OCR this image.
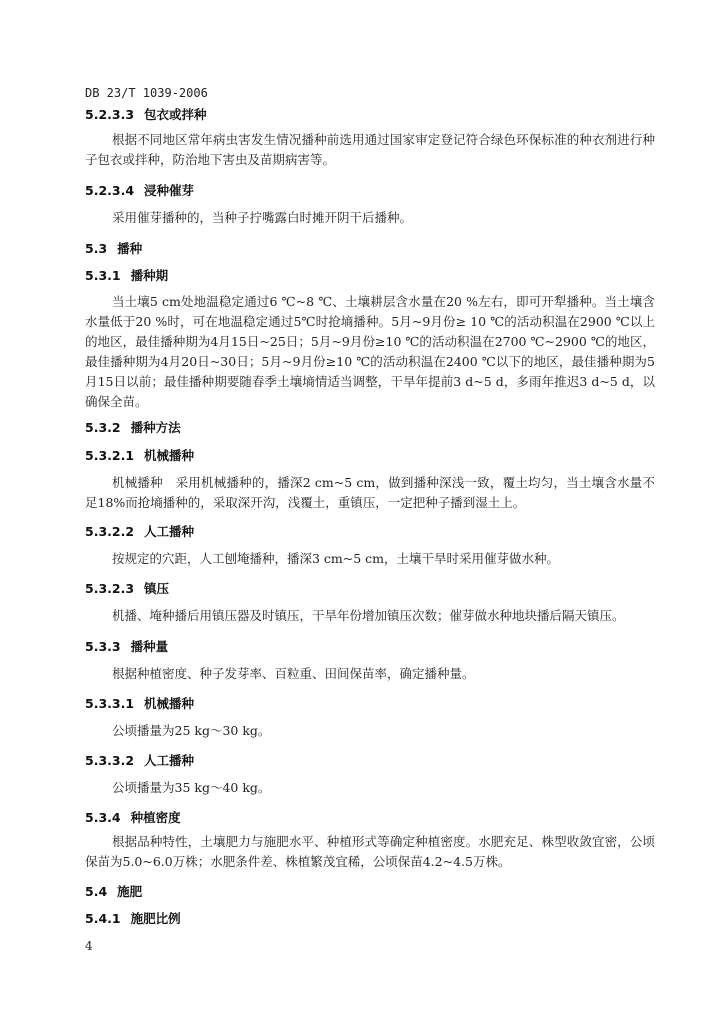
DB 23/T 1039-2006
5.2.3.3 包衣或拌种
根据不同地区常年病虫害发生情况播种前选用通过国家审定登记符合绿色环保标准的种衣剂进行种子包衣或拌种，防治地下害虫及苗期病害等。
5.2.3.4 浸种催芽
采用催芽播种的，当种子拧嘴露白时摊开阴干后播种。
5.3 播种
5.3.1 播种期
当土壤5 cm处地温稳定通过6 ℃~8 ℃、土壤耕层含水量在20 %左右，即可开犁播种。当土壤含水量低于20 %时，可在地温稳定通过5℃时抢墒播种。5月~9月份≥ 10 ℃的活动积温在2900 ℃以上的地区，最佳播种期为4月15日~25日；5月~9月份≥10 ℃的活动积温在2700 ℃~2900 ℃的地区，最佳播种期为4月20日~30日；5月~9月份≥10 ℃的活动积温在2400 ℃以下的地区，最佳播种期为5月15日以前；最佳播种期要随春季土壤墒情适当调整，干旱年提前3 d~5 d，多雨年推迟3 d~5 d，以确保全苗。
5.3.2 播种方法
5.3.2.1 机械播种
机械播种　采用机械播种的，播深2 cm~5 cm，做到播种深浅一致，覆土均匀，当土壤含水量不足18%而抢墒播种的，采取深开沟，浅覆土，重镇压，一定把种子播到湿土上。
5.3.2.2 人工播种
按规定的穴距，人工刨埯播种，播深3 cm~5 cm，土壤干旱时采用催芽做水种。
5.3.2.3 镇压
机播、埯种播后用镇压器及时镇压，干旱年份增加镇压次数；催芽做水种地块播后隔天镇压。
5.3.3 播种量
根据种植密度、种子发芽率、百粒重、田间保苗率，确定播种量。
5.3.3.1 机械播种
公顷播量为25 kg～30 kg。
5.3.3.2 人工播种
公顷播量为35 kg～40 kg。
5.3.4 种植密度
根据品种特性，土壤肥力与施肥水平、种植形式等确定种植密度。水肥充足、株型收敛宜密，公顷保苗为5.0~6.0万株；水肥条件差、株植繁茂宜稀，公顷保苗4.2~4.5万株。
5.4 施肥
5.4.1 施肥比例
4
